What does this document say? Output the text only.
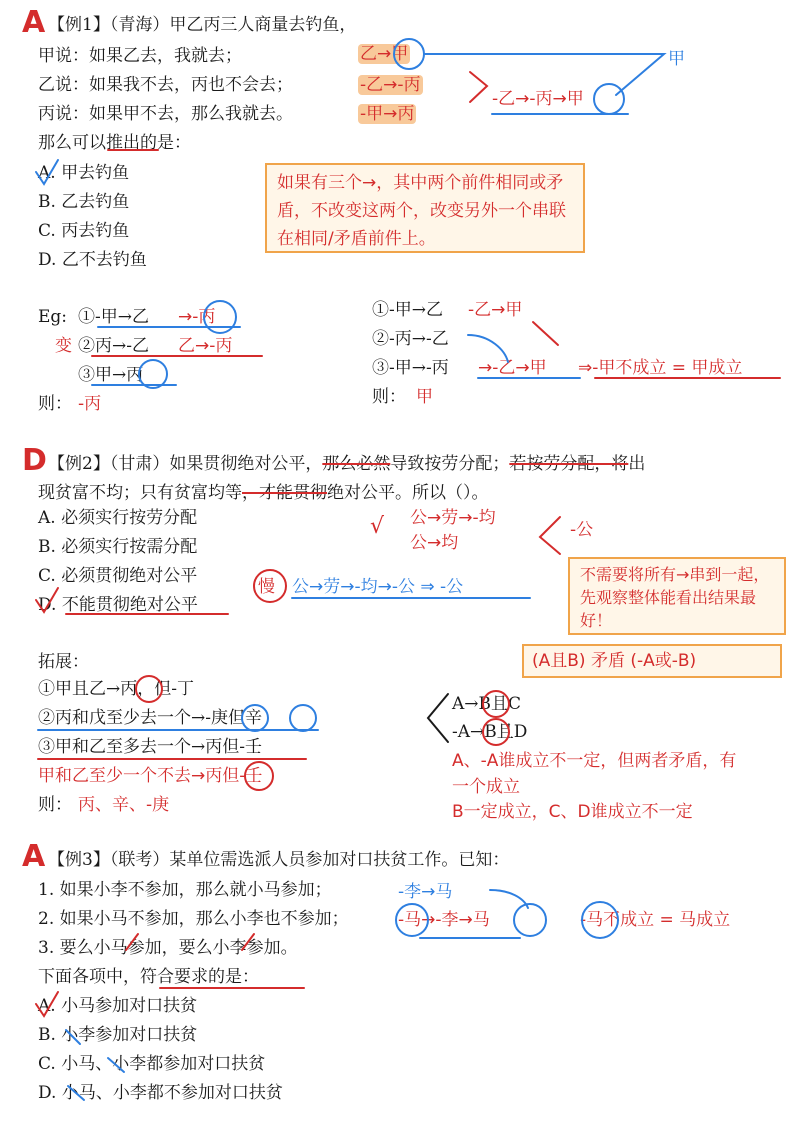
A 【例1】（青海）甲乙丙三人商量去钓鱼，
甲说：如果乙去，我就去；
乙说：如果我不去，丙也不会去；
丙说：如果甲不去，那么我就去。
那么可以推出的是：
A. 甲去钓鱼
B. 乙去钓鱼
C. 丙去钓鱼
D. 乙不去钓鱼
乙→甲
-乙→-丙
-甲→丙
-乙→-丙→甲
甲
如果有三个→，其中两个前件相同或矛盾，不改变这两个，改变另外一个串联在相同/矛盾前件上。
Eg: ①-甲→乙 →-丙
变 ②丙→-乙 乙→-丙
③甲→丙
则： -丙
①-甲→乙 -乙→甲
②-丙→-乙
③-甲→-丙 →-乙→甲 ⇒-甲不成立 = 甲成立
则： 甲
D 【例2】（甘肃）如果贯彻绝对公平，那么必然导致按劳分配；若按劳分配，将出
现贫富不均；只有贫富均等，才能贯彻绝对公平。所以（）。
A. 必须实行按劳分配
B. 必须实行按需分配
C. 必须贯彻绝对公平
D. 不能贯彻绝对公平
√ 公→劳→-均
公→均
-公
慢 公→劳→-均→-公 ⇒ -公
不需要将所有→串到一起，先观察整体能看出结果最好！
(A且B) 矛盾 (-A或-B)
拓展：
①甲且乙→丙，但-丁
②丙和戊至少去一个→-庚但辛
③甲和乙至多去一个→丙但-壬
甲和乙至少一个不去→丙但-壬
则： 丙、辛、-庚
A→B且C
-A→B且D
A、-A谁成立不一定，但两者矛盾，有一个成立
B一定成立，C、D谁成立不一定
A 【例3】（联考）某单位需选派人员参加对口扶贫工作。已知：
1. 如果小李不参加，那么就小马参加；
2. 如果小马不参加，那么小李也不参加；
3. 要么小马参加，要么小李参加。
下面各项中，符合要求的是：
A. 小马参加对口扶贫
B. 小李参加对口扶贫
C. 小马、小李都参加对口扶贫
D. 小马、小李都不参加对口扶贫
-李→马
-马→-李→马	-马不成立 = 马成立
